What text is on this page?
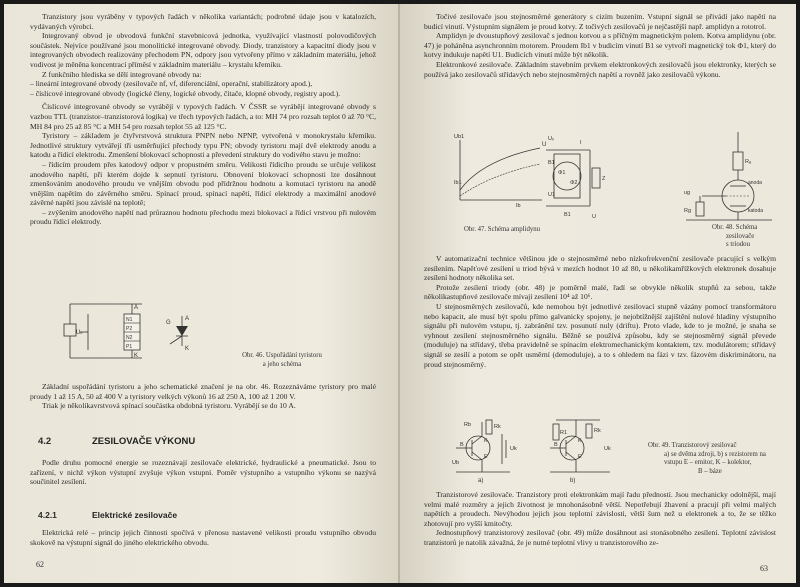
Tranzistory jsou vyráběny v typových řadách v několika variantách; podrobné údaje jsou v katalozích, vydávaných výrobci.

Integrovaný obvod je obvodová funkční stavebnicová jednotka, využívající vlastností polovodičových součástek. Nejvíce používané jsou monolitické integrované obvody. Diody, tranzistory a kapacitní diody jsou v integrovaných obvodech realizovány přechodem PN, odpory jsou vytvořeny přímo v základním materiálu, jehož vodivost je měněna koncentrací příměsí v základním materiálu – krystalu křemíku.

Z funkčního hlediska se dělí integrované obvody na:

– lineární integrované obvody (zesilovače nf, vf, diferenciální, operační, stabilizátory apod.),

– číslicové integrované obvody (logické členy, logické obvody, čítače, klopné obvody, registry apod.).

Číslicové integrované obvody se vyrábějí v typových řadách. V ČSSR se vyrábějí integrované obvody s vazbou TTL (tranzistor–tranzistorová logika) ve třech typových řadách, a to: MH 74 pro rozsah teplot 0 až 70 °C, MH 84 pro 25 až 85 °C a MH 54 pro rozsah teplot 55 až 125 °C.

Tyristory – základem je čtyřvrstvová struktura PNPN nebo NPNP, vytvořená v monokrystalu křemíku. Jednotlivé struktury vytvářejí tři usměrňující přechody typu PN; obvody tyristoru mají dvě elektrody anodu a katodu a řídicí elektrodu. Zmenšení blokovací schopnosti a převedení struktury do vodivého stavu je možno:

– řídicím proudem přes katodový odpor v propustném směru. Velikosti řídicího proudu se určuje velikost anodového napětí, při kterém dojde k sepnutí tyristoru. Obnovení blokovací schopnosti lze dosáhnout zmenšováním anodového proudu ve vnějším obvodu pod přídržnou hodnotu a komutací tyristoru na anodě vnějším napětím do závěrného směru. Spínací proud, spínací napětí, řídicí elektrody a maximální anodové závěrné napětí jsou závislé na teplotě;

– zvýšením anodového napětí nad průraznou hodnotu přechodu mezi blokovací a řídicí vrstvou při nulovém proudu řídicí elektrody.

Uₖ
A
N1
P2
N2
P1
K
G
A
K
Obr. 46. Uspořádání tyristoru
a jeho schéma

Základní uspořádání tyristoru a jeho schematické značení je na obr. 46. Rozeznáváme tyristory pro malé proudy 1 až 15 A, 50 až 400 V a tyristory velkých výkonů 16 až 250 A, 100 až 1 200 V.

Triak je několikavrstvová spínací součástka obdobná tyristoru. Vyrábějí se do 10 A.

4.2	ZESILOVAČE VÝKONU

Podle druhu pomocné energie se rozeznávají zesilovače elektrické, hydraulické a pneumatické. Jsou to zařízení, v nichž výkon výstupní zvyšuje výkon vstupní. Poměr výstupního a vstupního výkonu se nazývá součinitel zesílení.

4.2.1	Elektrické zesilovače

Elektrická relé – princip jejich činnosti spočívá v přenosu nastavené velikosti proudu vstupního obvodu skokově na výstupní signál do jiného elektrického obvodu.

62

Točivé zesilovače jsou stejnosměrné generátory s cizím buzením. Vstupní signál se přivádí jako napětí na budicí vinutí. Výstupním signálem je proud kotvy. Z točivých zesilovačů je nejčastější např. amplidyn a rototrol.

Amplidyn je dvoustupňový zesilovač s jednou kotvou a s příčným magnetickým polem. Kotva amplidynu (obr. 47) je poháněna asynchronním motorem. Proudem Ib1 v budicím vinutí B1 se vytvoří magnetický tok Φ1, který do kotvy indukuje napětí U1. Budicích vinutí může být několik.

Elektronkové zesilovače. Základním stavebním prvkem elektronkových zesilovačů jsou elektronky, kterých se používá jako zesilovačů střídavých nebo stejnosměrných napětí a rovněž jako zesilovačů výkonu.

Ib1
U
Ib
B1
I
Φ1
Φ2
Z
U1
B1
Uᵥ
Ub1
U
Obr. 47. Schéma amplidynu
Rₐ
anoda
katoda
ug
Rg
Obr. 48. Schéma
zesilovače
s triodou

V automatizační technice většinou jde o stejnosměrné nebo nízkofrekvenční zesilovače pracující s velkým zesílením. Napěťové zesílení u triod bývá v mezích hodnot 10 až 80, u několikamřížkových elektronek dosahuje zesílení hodnoty několika set.

Protože zesílení triody (obr. 48) je poměrně malé, řadí se obvykle několik stupňů za sebou, takže několikastupňové zesilovače mívají zesílení 10⁴ až 10⁶.

U stejnosměrných zesilovačů, kde nemohou být jednotlivé zesilovací stupně vázány pomocí transformátoru nebo kapacit, ale musí být spolu přímo galvanicky spojeny, je nejobtížnější zajištění nulové hladiny výstupního signálu při nulovém vstupu, tj. zabránění tzv. posunutí nuly (driftu). Proto vlade, kde to je možné, je snaha se vyhnout zesílení stejnosměrného signálu. Běžně se používá způsobu, kdy se stejnosměrný signál převede (moduluje) na střídavý, třeba pravidelně se spínacím elektromechanickým kontaktem, tzv. modulátorem; střídavý signál se zesílí a potom se opět usměrní (demoduluje), a to s ohledem na fázi v tzv. fázovém diskriminátoru, na proud stejnosměrný.

Rb	Rk
B
K
E
Uk
Ub
a)
R1	Rk
B
K
E
Uk
b)
Obr. 49. Tranzistorový zesilovač
a) se dvěma zdroji, b) s rezistorem na
vstupu E – emitor, K – kolektor,
B – báze

Tranzistorové zesilovače. Tranzistory proti elektronkám mají řadu předností. Jsou mechanicky odolnější, mají velmi malé rozměry a jejich životnost je mnohonásobně větší. Nepotřebují žhavení a pracují při velmi malých napětích a proudech. Nevýhodou jejich jsou teplotní závislosti, větší šum než u elektronek a to, že se těžko zhotovují pro vyšší kmitočty.

Jednostupňový tranzistorový zesilovač (obr. 49) může dosáhnout asi stonásobného zesílení. Teplotní závislost tranzistorů je natolik závažná, že je nutné teplotní vlivy u tranzistorového ze-

63
